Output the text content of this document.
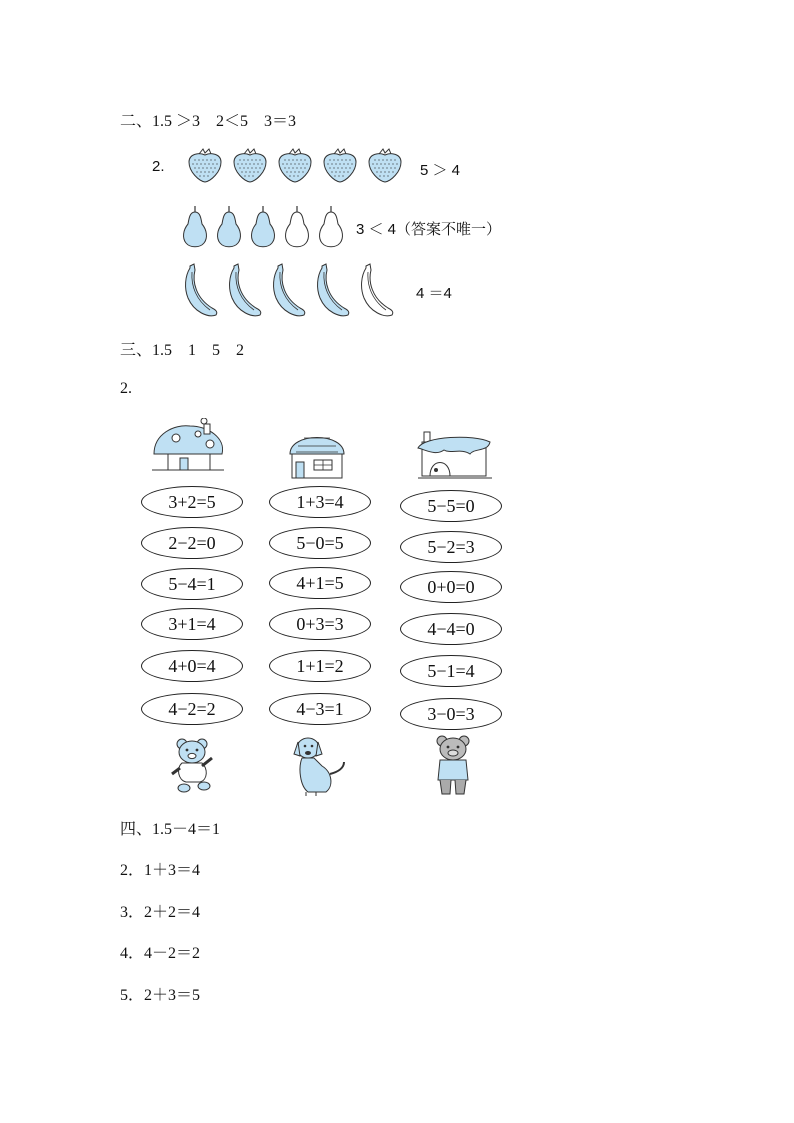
二、1.5 ＞3　2＜5　3＝3
2.	5 ＞ 4
3 ＜ 4（答案不唯一）
4 ＝4
三、1.5　1　5　2
2.
3+2=5
2−2=0
5−4=1
3+1=4
4+0=4
4−2=2
1+3=4
5−0=5
4+1=5
0+3=3
1+1=2
4−3=1
5−5=0
5−2=3
0+0=0
4−4=0
5−1=4
3−0=3
四、1.5－4＝1
2．1＋3＝4
3．2＋2＝4
4．4－2＝2
5．2＋3＝5
